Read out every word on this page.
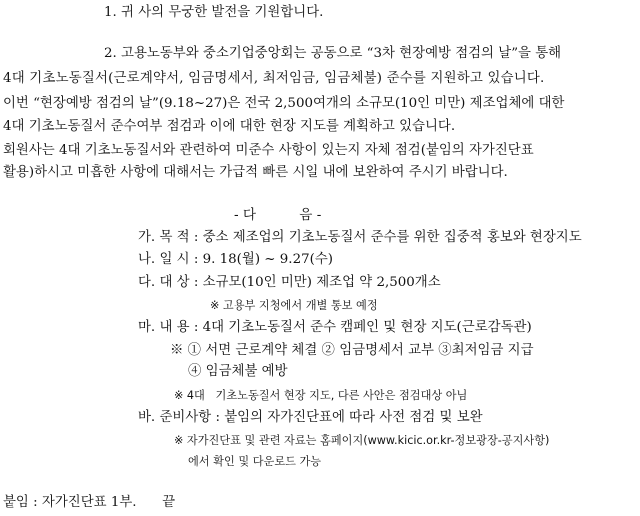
1. 귀 사의 무궁한 발전을 기원합니다.
2. 고용노동부와 중소기업중앙회는 공동으로 “3차 현장예방 점검의 날”을 통해
4대 기초노동질서(근로계약서, 임금명세서, 최저임금, 임금체불) 준수를 지원하고 있습니다.
이번 “현장예방 점검의 날”(9.18~27)은 전국 2,500여개의 소규모(10인 미만) 제조업체에 대한
4대 기초노동질서 준수여부 점검과 이에 대한 현장 지도를 계획하고 있습니다.
회원사는 4대 기초노동질서와 관련하여 미준수 사항이 있는지 자체 점검(붙임의 자가진단표
활용)하시고 미흡한 사항에 대해서는 가급적 빠른 시일 내에 보완하여 주시기 바랍니다.
- 다          음 -
가. 목 적 : 중소 제조업의 기초노동질서 준수를 위한 집중적 홍보와 현장지도
나. 일 시 : 9. 18(월) ~ 9.27(수)
다. 대 상 : 소규모(10인 미만) 제조업 약 2,500개소
※ 고용부 지청에서 개별 통보 예정
마. 내 용 : 4대 기초노동질서 준수 캠페인 및 현장 지도(근로감독관)
※ ① 서면 근로계약 체결 ② 임금명세서 교부 ③최저임금 지급
④ 임금체불 예방
※ 4대   기초노동질서 현장 지도, 다른 사안은 점검대상 아님
바. 준비사항 : 붙임의 자가진단표에 따라 사전 점검 및 보완
※ 자가진단표 및 관련 자료는 홈페이지(www.kicic.or.kr-정보광장-공지사항)
에서 확인 및 다운로드 가능
붙임 : 자가진단표 1부.      끝
